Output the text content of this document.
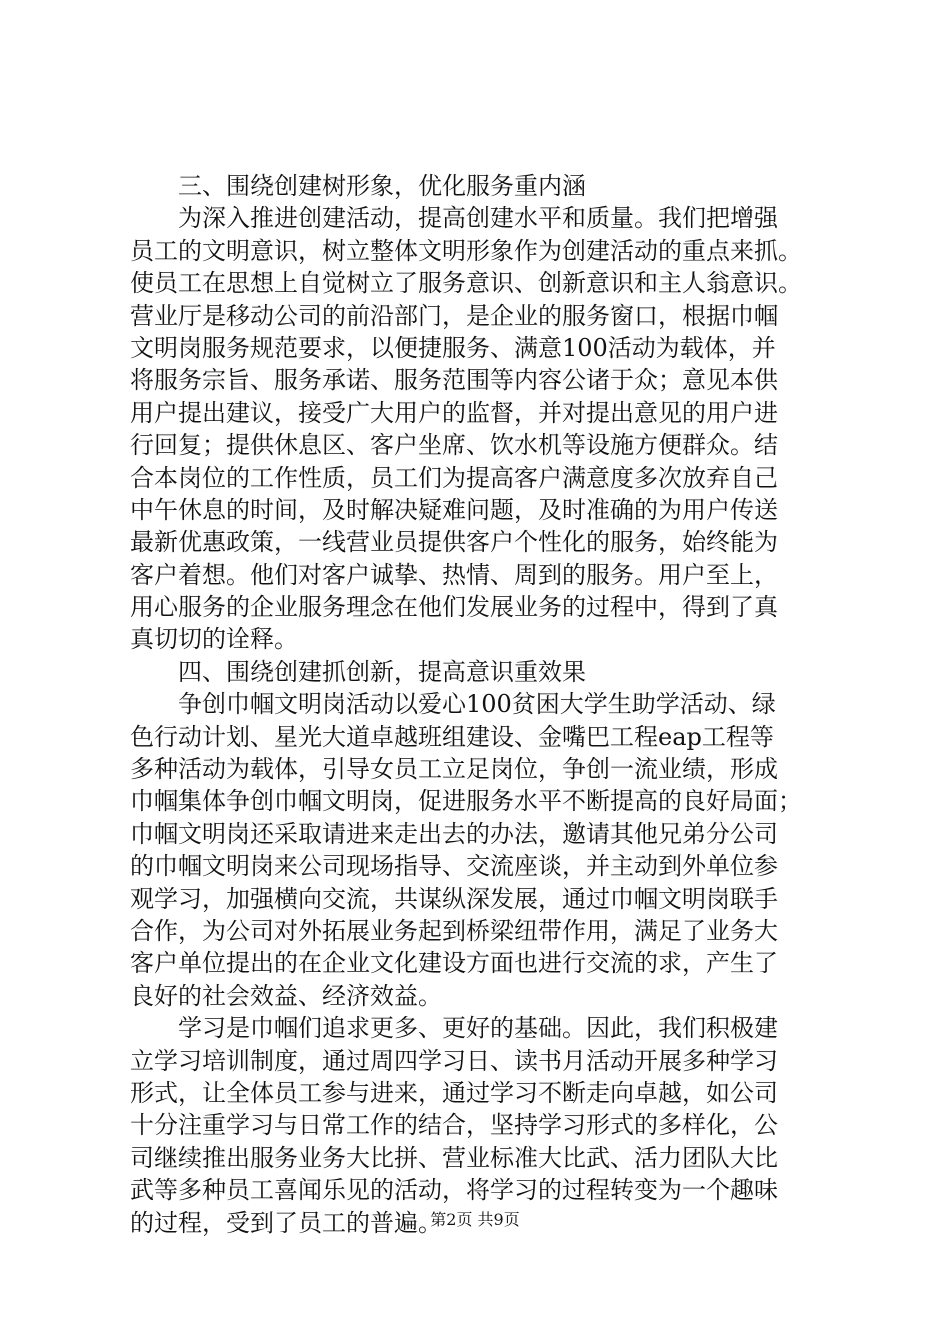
三、围绕创建树形象，优化服务重内涵
为深入推进创建活动，提高创建水平和质量。我们把增强
员工的文明意识，树立整体文明形象作为创建活动的重点来抓。
使员工在思想上自觉树立了服务意识、创新意识和主人翁意识。
营业厅是移动公司的前沿部门，是企业的服务窗口，根据巾帼
文明岗服务规范要求，以便捷服务、满意100活动为载体，并
将服务宗旨、服务承诺、服务范围等内容公诸于众；意见本供
用户提出建议，接受广大用户的监督，并对提出意见的用户进
行回复；提供休息区、客户坐席、饮水机等设施方便群众。结
合本岗位的工作性质，员工们为提高客户满意度多次放弃自己
中午休息的时间，及时解决疑难问题，及时准确的为用户传送
最新优惠政策，一线营业员提供客户个性化的服务，始终能为
客户着想。他们对客户诚挚、热情、周到的服务。用户至上，
用心服务的企业服务理念在他们发展业务的过程中，得到了真
真切切的诠释。
四、围绕创建抓创新，提高意识重效果
争创巾帼文明岗活动以爱心100贫困大学生助学活动、绿
色行动计划、星光大道卓越班组建设、金嘴巴工程eap工程等
多种活动为载体，引导女员工立足岗位，争创一流业绩，形成
巾帼集体争创巾帼文明岗，促进服务水平不断提高的良好局面；
巾帼文明岗还采取请进来走出去的办法，邀请其他兄弟分公司
的巾帼文明岗来公司现场指导、交流座谈，并主动到外单位参
观学习，加强横向交流，共谋纵深发展，通过巾帼文明岗联手
合作，为公司对外拓展业务起到桥梁纽带作用，满足了业务大
客户单位提出的在企业文化建设方面也进行交流的求，产生了
良好的社会效益、经济效益。
学习是巾帼们追求更多、更好的基础。因此，我们积极建
立学习培训制度，通过周四学习日、读书月活动开展多种学习
形式，让全体员工参与进来，通过学习不断走向卓越，如公司
十分注重学习与日常工作的结合，坚持学习形式的多样化，公
司继续推出服务业务大比拼、营业标准大比武、活力团队大比
武等多种员工喜闻乐见的活动，将学习的过程转变为一个趣味
的过程，受到了员工的普遍。
第2页 共9页
